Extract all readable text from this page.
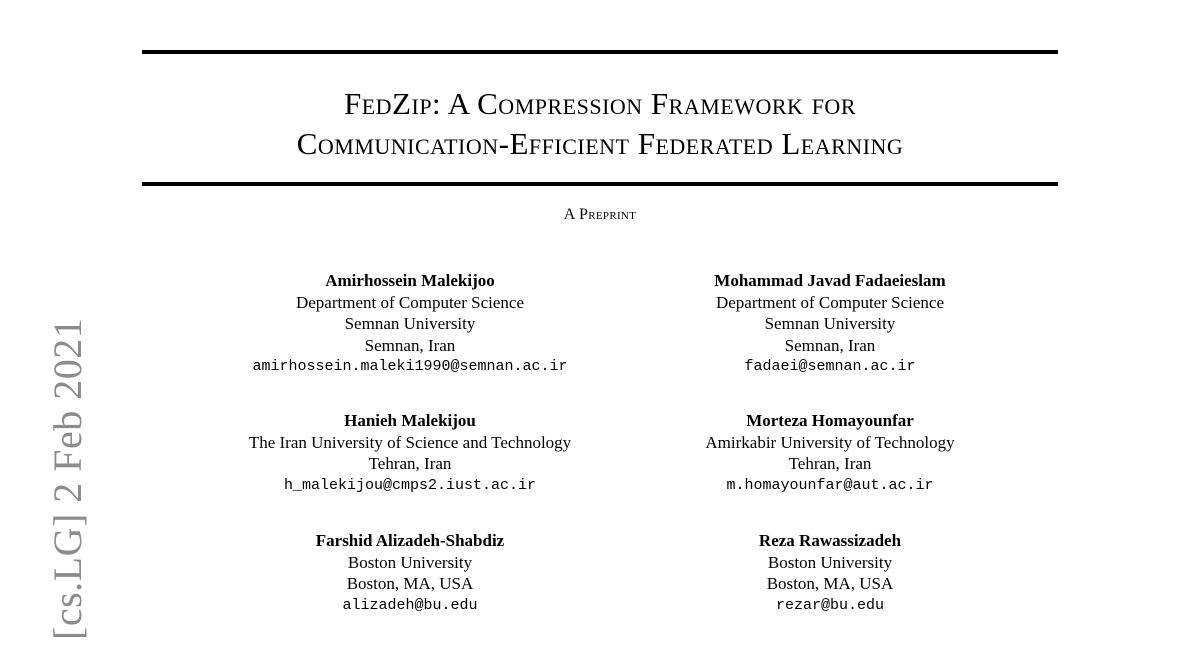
FedZip: A Compression Framework for
Communication-Efficient Federated Learning
A Preprint
Amirhossein Malekijoo
Department of Computer Science
Semnan University
Semnan, Iran
amirhossein.maleki1990@semnan.ac.ir
Mohammad Javad Fadaeieslam
Department of Computer Science
Semnan University
Semnan, Iran
fadaei@semnan.ac.ir
Hanieh Malekijou
The Iran University of Science and Technology
Tehran, Iran
h_malekijou@cmps2.iust.ac.ir
Morteza Homayounfar
Amirkabir University of Technology
Tehran, Iran
m.homayounfar@aut.ac.ir
Farshid Alizadeh-Shabdiz
Boston University
Boston, MA, USA
alizadeh@bu.edu
Reza Rawassizadeh
Boston University
Boston, MA, USA
rezar@bu.edu
[cs.LG] 2 Feb 2021
